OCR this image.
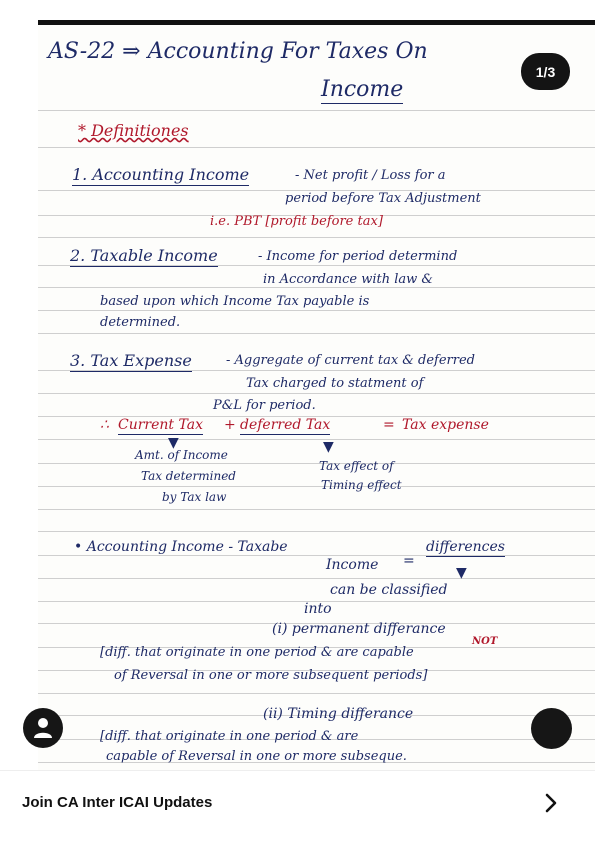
AS-22 ⇒ Accounting For Taxes On
Income
* Definitiones
1. Accounting Income	- Net profit / Loss for a
period before Tax Adjustment
i.e. PBT [profit before tax]
2. Taxable Income	- Income for period determind
in Accordance with law &
based upon which Income Tax payable is
determined.
3. Tax Expense	- Aggregate of current tax & deferred
Tax charged to statment of
P&L for period.
∴ Current Tax + deferred Tax	= Tax expense
▼	▼
Amt. of Income
Tax determined
by Tax law
Tax effect of
Timing effect
• Accounting Income - Taxabe	differences
Income =
▼
can be classified
into
(i) permanent differance
NOT
[diff. that originate in one period & are capable
of Reversal in one or more subsequent periods]
(ii) Timing differance
[diff. that originate in one period & are
capable of Reversal in one or more subseque.
1/3
Join CA Inter ICAI Updates
